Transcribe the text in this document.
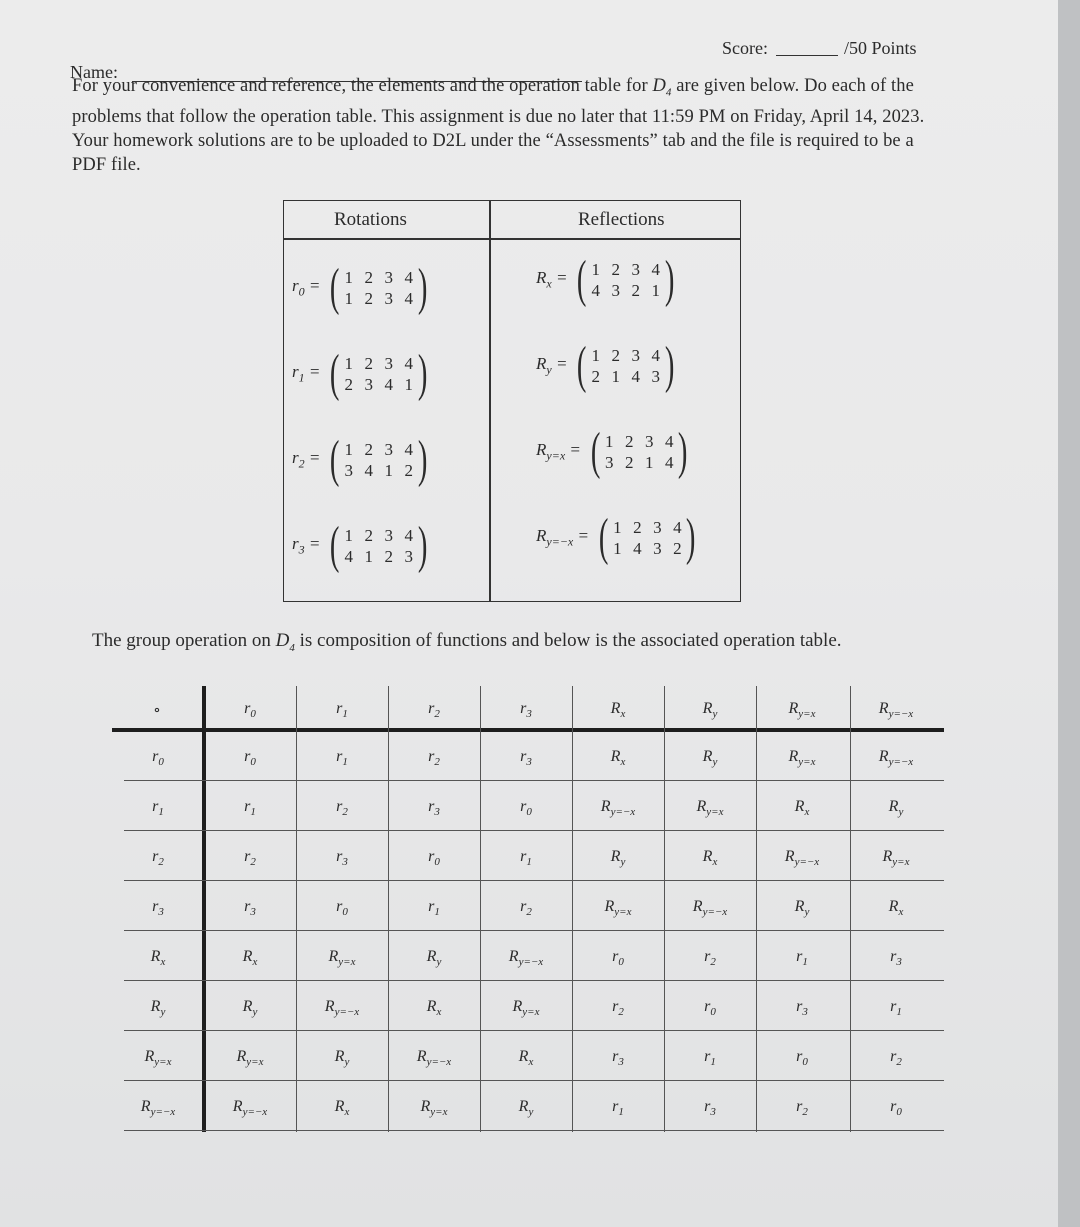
Score:	/50 Points
Name:

For your convenience and reference, the elements and the operation table for $D_4$ are given below. Do each of the problems that follow the operation table. This assignment is due no later that 11:59 PM on Friday, April 14, 2023. Your homework solutions are to be uploaded to D2L under the “Assessments” tab and the file is required to be a PDF file.

Rotations	Reflections
$r_0$ = ( 1 2 3 4
1 2 3 4 )
$r_1$ = ( 1 2 3 4
2 3 4 1 )
$r_2$ = ( 1 2 3 4
3 4 1 2 )
$r_3$ = ( 1 2 3 4
4 1 2 3 )
$R_x$ = ( 1 2 3 4
4 3 2 1 )
$R_y$ = ( 1 2 3 4
2 1 4 3 )
$R_{y=x}$ = ( 1 2 3 4
3 2 1 4 )
$R_{y=-x}$ = ( 1 2 3 4
1 4 3 2 )
The group operation on $D_4$ is composition of functions and below is the associated operation table.
∘	$r_0$	$r_1$	$r_2$	$r_3$	$R_x$	$R_y$	$R_{y=x}$	$R_{y=-x}$
$r_0$	$r_0$	$r_1$	$r_2$	$r_3$	$R_x$	$R_y$	$R_{y=x}$	$R_{y=-x}$
$r_1$	$r_1$	$r_2$	$r_3$	$r_0$	$R_{y=-x}$	$R_{y=x}$	$R_x$	$R_y$
$r_2$	$r_2$	$r_3$	$r_0$	$r_1$	$R_y$	$R_x$	$R_{y=-x}$	$R_{y=x}$
$r_3$	$r_3$	$r_0$	$r_1$	$r_2$	$R_{y=x}$	$R_{y=-x}$	$R_y$	$R_x$
$R_x$	$R_x$	$R_{y=x}$	$R_y$	$R_{y=-x}$	$r_0$	$r_2$	$r_1$	$r_3$
$R_y$	$R_y$	$R_{y=-x}$	$R_x$	$R_{y=x}$	$r_2$	$r_0$	$r_3$	$r_1$
$R_{y=x}$	$R_{y=x}$	$R_y$	$R_{y=-x}$	$R_x$	$r_3$	$r_1$	$r_0$	$r_2$
$R_{y=-x}$	$R_{y=-x}$	$R_x$	$R_{y=x}$	$R_y$	$r_1$	$r_3$	$r_2$	$r_0$
